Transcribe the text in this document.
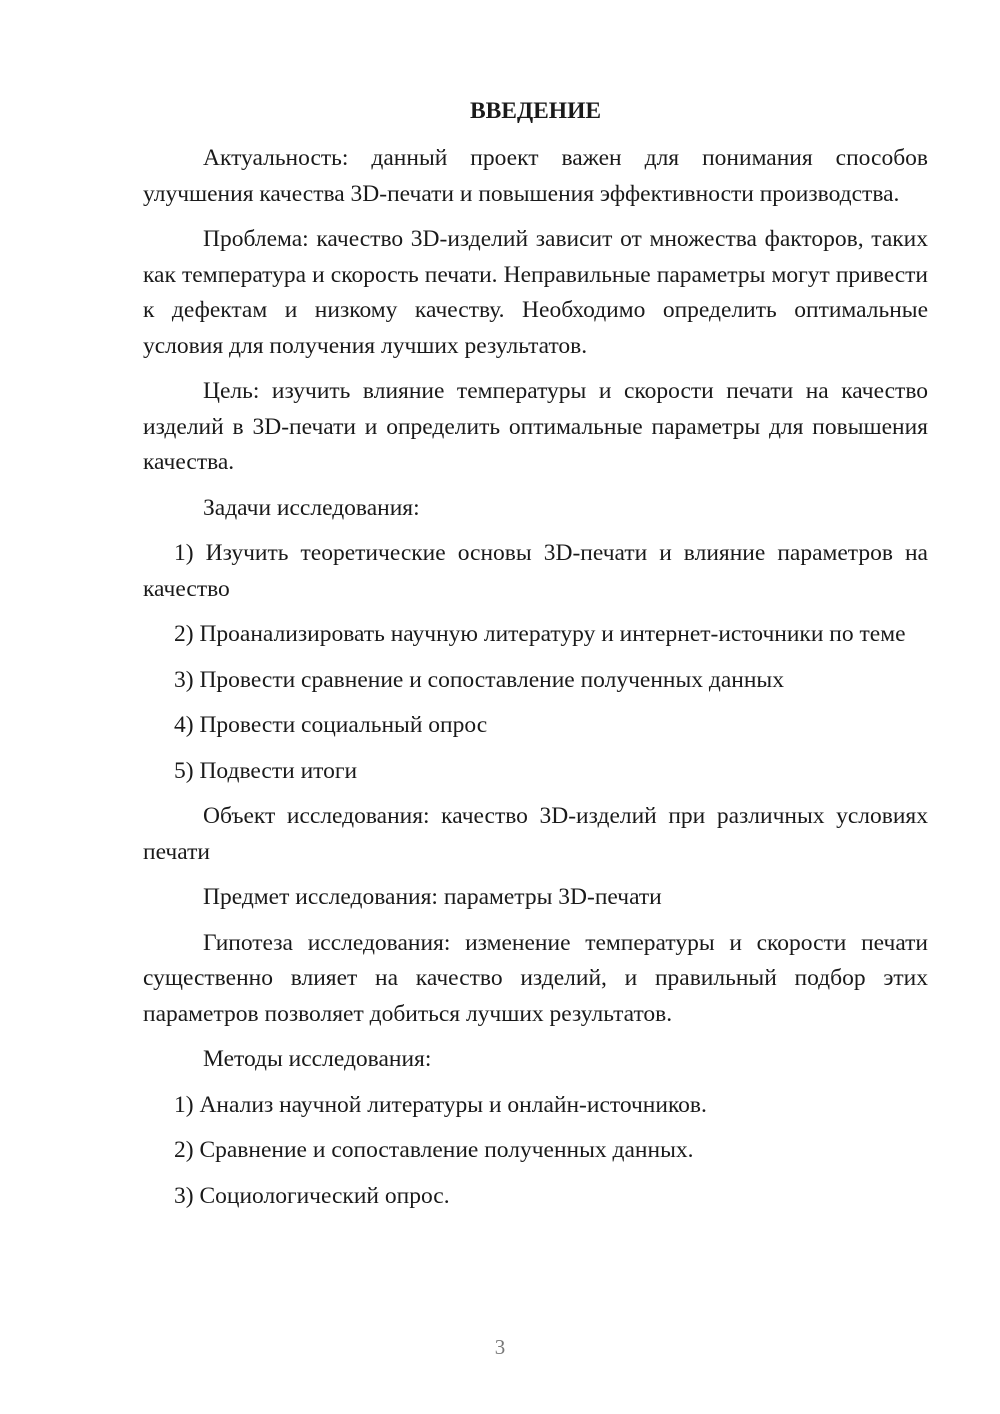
ВВЕДЕНИЕ

Актуальность: данный проект важен для понимания способов улучшения качества 3D-печати и повышения эффективности производства.

Проблема: качество 3D-изделий зависит от множества факторов, таких как температура и скорость печати. Неправильные параметры могут привести к дефектам и низкому качеству. Необходимо определить оптимальные условия для получения лучших результатов.

Цель: изучить влияние температуры и скорости печати на качество изделий в 3D-печати и определить оптимальные параметры для повышения качества.

Задачи исследования:

1) Изучить теоретические основы 3D-печати и влияние параметров на качество

2) Проанализировать научную литературу и интернет-источники по теме

3) Провести сравнение и сопоставление полученных данных

4) Провести социальный опрос

5) Подвести итоги

Объект исследования: качество 3D-изделий при различных условиях печати

Предмет исследования: параметры 3D-печати

Гипотеза исследования: изменение температуры и скорости печати существенно влияет на качество изделий, и правильный подбор этих параметров позволяет добиться лучших результатов.

Методы исследования:

1) Анализ научной литературы и онлайн-источников.

2) Сравнение и сопоставление полученных данных.

3) Социологический опрос.

3
